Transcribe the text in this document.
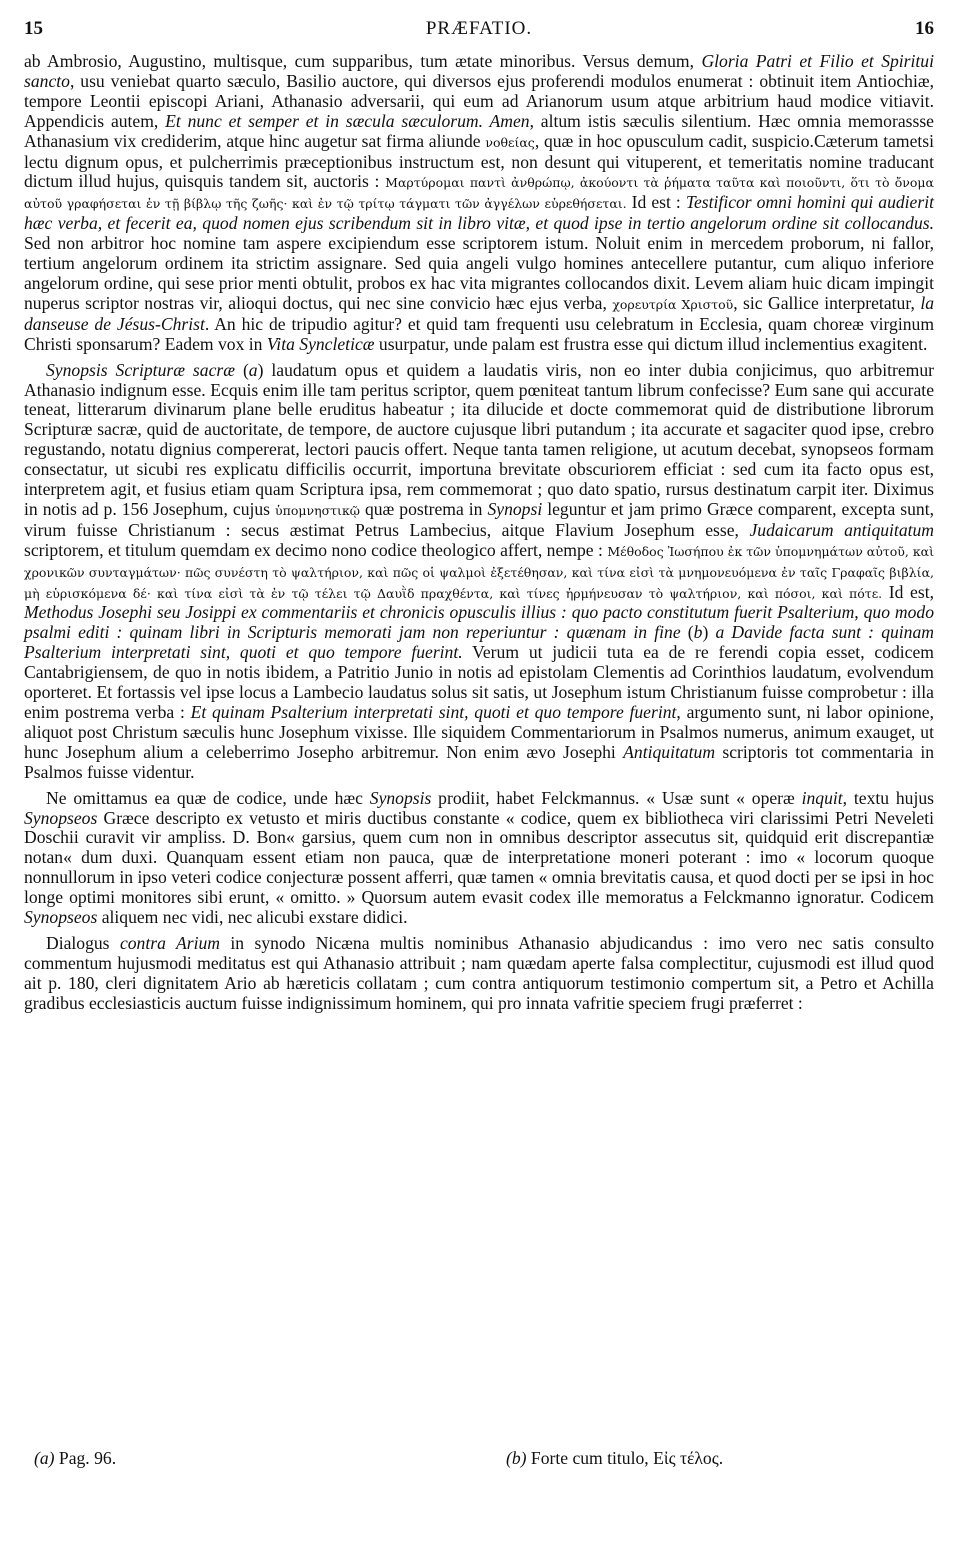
15	PRÆFATIO.	16

ab Ambrosio, Augustino, multisque, cum supparibus, tum ætate minoribus. Versus demum, Gloria Patri et Filio et Spiritui sancto, usu veniebat quarto sæculo, Basilio auctore, qui diversos ejus proferendi modulos enumerat : obtinuit item Antiochiæ, tempore Leontii episcopi Ariani, Athanasio adversarii, qui eum ad Arianorum usum atque arbitrium haud modice vitiavit. Appendicis autem, Et nunc et semper et in sæcula sæculorum. Amen, altum istis sæculis silentium. Hæc omnia memorassse Athanasium vix crediderim, atque hinc augetur sat firma aliunde νοθείας, quæ in hoc opusculum cadit, suspicio.Cæterum tametsi lectu dignum opus, et pulcherrimis præceptionibus instructum est, non desunt qui vituperent, et temeritatis nomine traducant dictum illud hujus, quisquis tandem sit, auctoris : Μαρτύρομαι παντὶ ἀνθρώπῳ, ἀκούοντι τὰ ῥήματα ταῦτα καὶ ποιοῦντι, ὅτι τὸ ὄνομα αὐτοῦ γραφήσεται ἐν τῇ βίβλῳ τῆς ζωῆς· καὶ ἐν τῷ τρίτῳ τάγματι τῶν ἀγγέλων εὑρεθήσεται. Id est : Testificor omni homini qui audierit hæc verba, et fecerit ea, quod nomen ejus scribendum sit in libro vitæ, et quod ipse in tertio angelorum ordine sit collocandus. Sed non arbitror hoc nomine tam aspere excipiendum esse scriptorem istum. Noluit enim in mercedem proborum, ni fallor, tertium angelorum ordinem ita strictim assignare. Sed quia angeli vulgo homines antecellere putantur, cum aliquo inferiore angelorum ordine, qui sese prior menti obtulit, probos ex hac vita migrantes collocandos dixit. Levem aliam huic dicam impingit nuperus scriptor nostras vir, alioqui doctus, qui nec sine convicio hæc ejus verba, χορευτρία Χριστοῦ, sic Gallice interpretatur, la danseuse de Jésus-Christ. An hic de tripudio agitur? et quid tam frequenti usu celebratum in Ecclesia, quam choreæ virginum Christi sponsarum? Eadem vox in Vita Syncleticæ usurpatur, unde palam est frustra esse qui dictum illud inclementius exagitent.

Synopsis Scripturæ sacræ (a) laudatum opus et quidem a laudatis viris, non eo inter dubia conjicimus, quo arbitremur Athanasio indignum esse. Ecquis enim ille tam peritus scriptor, quem pœniteat tantum librum confecisse? Eum sane qui accurate teneat, litterarum divinarum plane belle eruditus habeatur ; ita dilucide et docte commemorat quid de distributione librorum Scripturæ sacræ, quid de auctoritate, de tempore, de auctore cujusque libri putandum ; ita accurate et sagaciter quod ipse, crebro regustando, notatu dignius compererat, lectori paucis offert. Neque tanta tamen religione, ut acutum decebat, synopseos formam consectatur, ut sicubi res explicatu difficilis occurrit, importuna brevitate obscuriorem efficiat : sed cum ita facto opus est, interpretem agit, et fusius etiam quam Scriptura ipsa, rem commemorat ; quo dato spatio, rursus destinatum carpit iter. Diximus in notis ad p. 156 Josephum, cujus ὑπομνηστικῷ quæ postrema in Synopsi leguntur et jam primo Græce comparent, excepta sunt, virum fuisse Christianum : secus æstimat Petrus Lambecius, aitque Flavium Josephum esse, Judaicarum antiquitatum scriptorem, et titulum quemdam ex decimo nono codice theologico affert, nempe : Μέθοδος Ἰωσήπου ἐκ τῶν ὑπομνημάτων αὐτοῦ, καὶ χρονικῶν συνταγμάτων· πῶς συνέστη τὸ ψαλτήριον, καὶ πῶς οἱ ψαλμοὶ ἐξετέθησαν, καὶ τίνα εἰσὶ τὰ μνημονευόμενα ἐν ταῖς Γραφαῖς βιβλία, μὴ εὑρισκόμενα δέ· καὶ τίνα εἰσὶ τὰ ἐν τῷ τέλει τῷ Δαυῒδ πραχθέντα, καὶ τίνες ἡρμήνευσαν τὸ ψαλτήριον, καὶ πόσοι, καὶ πότε. Id est, Methodus Josephi seu Josippi ex commentariis et chronicis opusculis illius : quo pacto constitutum fuerit Psalterium, quo modo psalmi editi : quinam libri in Scripturis memorati jam non reperiuntur : quænam in fine (b) a Davide facta sunt : quinam Psalterium interpretati sint, quoti et quo tempore fuerint. Verum ut judicii tuta ea de re ferendi copia esset, codicem Cantabrigiensem, de quo in notis ibidem, a Patritio Junio in notis ad epistolam Clementis ad Corinthios laudatum, evolvendum oporteret. Et fortassis vel ipse locus a Lambecio laudatus solus sit satis, ut Josephum istum Christianum fuisse comprobetur : illa enim postrema verba : Et quinam Psalterium interpretati sint, quoti et quo tempore fuerint, argumento sunt, ni labor opinione, aliquot post Christum sæculis hunc Josephum vixisse. Ille siquidem Commentariorum in Psalmos numerus, animum exauget, ut hunc Josephum alium a celeberrimo Josepho arbitremur. Non enim ævo Josephi Antiquitatum scriptoris tot commentaria in Psalmos fuisse videntur.

Ne omittamus ea quæ de codice, unde hæc Synopsis prodiit, habet Felckmannus. « Usæ sunt « operæ inquit, textu hujus Synopseos Græce descripto ex vetusto et miris ductibus constante « codice, quem ex bibliotheca viri clarissimi Petri Neveleti Doschii curavit vir ampliss. D. Bon« garsius, quem cum non in omnibus descriptor assecutus sit, quidquid erit discrepantiæ notan« dum duxi. Quanquam essent etiam non pauca, quæ de interpretatione moneri poterant : imo « locorum quoque nonnullorum in ipso veteri codice conjecturæ possent afferri, quæ tamen « omnia brevitatis causa, et quod docti per se ipsi in hoc longe optimi monitores sibi erunt, « omitto. » Quorsum autem evasit codex ille memoratus a Felckmanno ignoratur. Codicem Synopseos aliquem nec vidi, nec alicubi exstare didici.

Dialogus contra Arium in synodo Nicæna multis nominibus Athanasio abjudicandus : imo vero nec satis consulto commentum hujusmodi meditatus est qui Athanasio attribuit ; nam quædam aperte falsa complectitur, cujusmodi est illud quod ait p. 180, cleri dignitatem Ario ab hæreticis collatam ; cum contra antiquorum testimonio compertum sit, a Petro et Achilla gradibus ecclesiasticis auctum fuisse indignissimum hominem, qui pro innata vafritie speciem frugi præferret :

(a) Pag. 96.	(b) Forte cum titulo, Εἰς τέλος.
